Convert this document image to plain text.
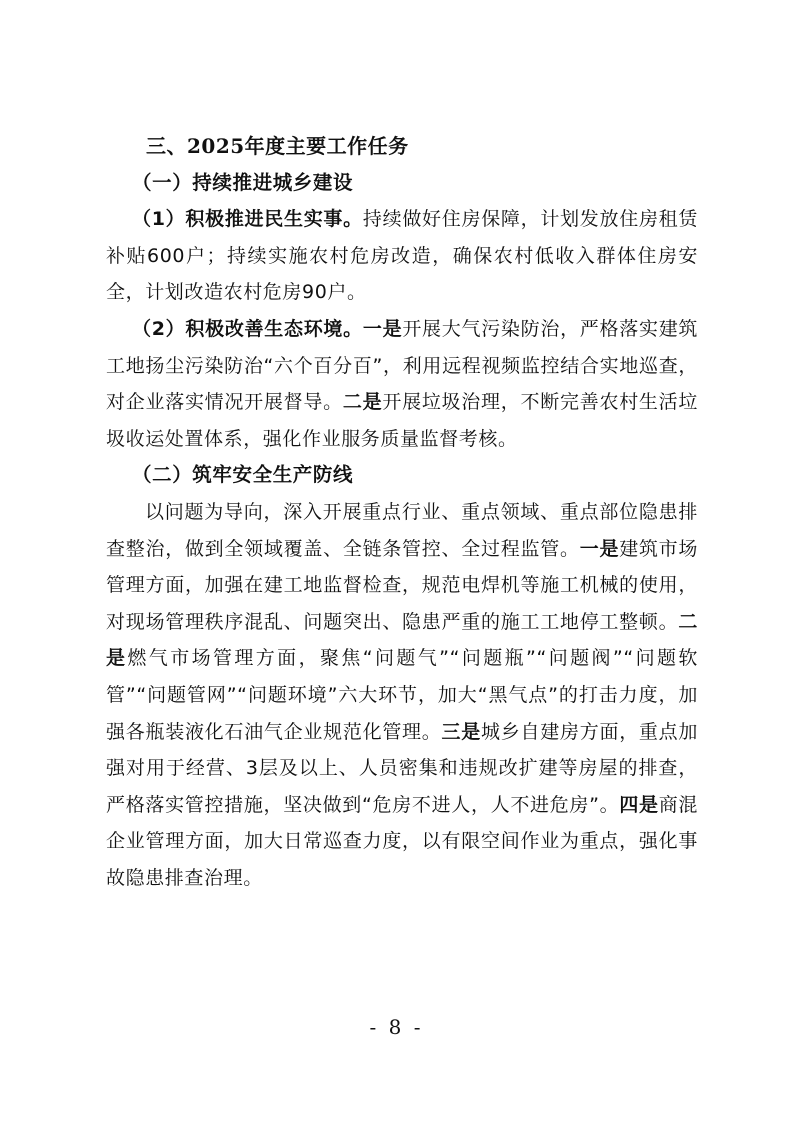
三、2025年度主要工作任务

（一）持续推进城乡建设

（1）积极推进民生实事。持续做好住房保障，计划发放住房租赁补贴600户；持续实施农村危房改造，确保农村低收入群体住房安全，计划改造农村危房90户。

（2）积极改善生态环境。一是开展大气污染防治，严格落实建筑工地扬尘污染防治“六个百分百”，利用远程视频监控结合实地巡查，对企业落实情况开展督导。二是开展垃圾治理，不断完善农村生活垃圾收运处置体系，强化作业服务质量监督考核。

（二）筑牢安全生产防线

以问题为导向，深入开展重点行业、重点领域、重点部位隐患排查整治，做到全领域覆盖、全链条管控、全过程监管。一是建筑市场管理方面，加强在建工地监督检查，规范电焊机等施工机械的使用，对现场管理秩序混乱、问题突出、隐患严重的施工工地停工整顿。二是燃气市场管理方面，聚焦“问题气”“问题瓶”“问题阀”“问题软管”“问题管网”“问题环境”六大环节，加大“黑气点”的打击力度，加强各瓶装液化石油气企业规范化管理。三是城乡自建房方面，重点加强对用于经营、3层及以上、人员密集和违规改扩建等房屋的排查，严格落实管控措施，坚决做到“危房不进人，人不进危房”。四是商混企业管理方面，加大日常巡查力度，以有限空间作业为重点，强化事故隐患排查治理。

- 8 -
